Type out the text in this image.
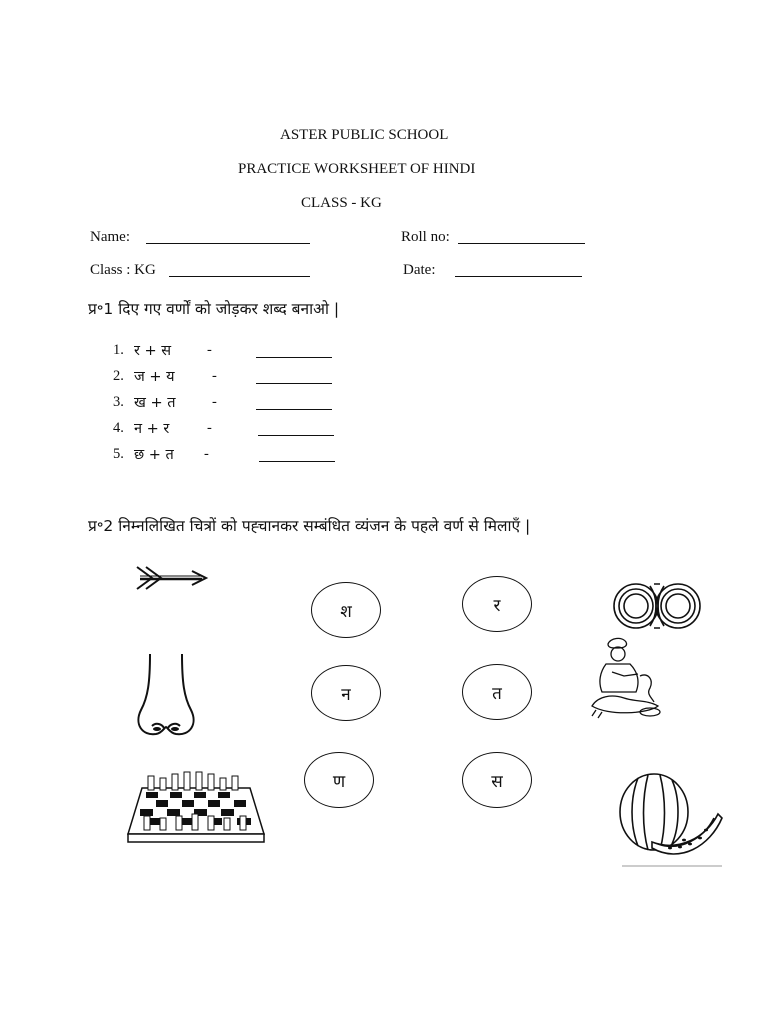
ASTER PUBLIC SCHOOL
PRACTICE WORKSHEET OF HINDI
CLASS - KG
Name:	Roll no:
Class : KG	Date:
प्र॰1 दिए गए वर्णों को जोड़कर शब्द बनाओ |
1. र + स -
2. ज + य	-
3. ख + त	-
4. न + र	-
5. छ + त -
प्र॰2 निम्नलिखित चित्रों को पह्चानकर सम्बंधित व्यंजन के पहले वर्ण से मिलाएँ |
श
न
ण
र
त
स
